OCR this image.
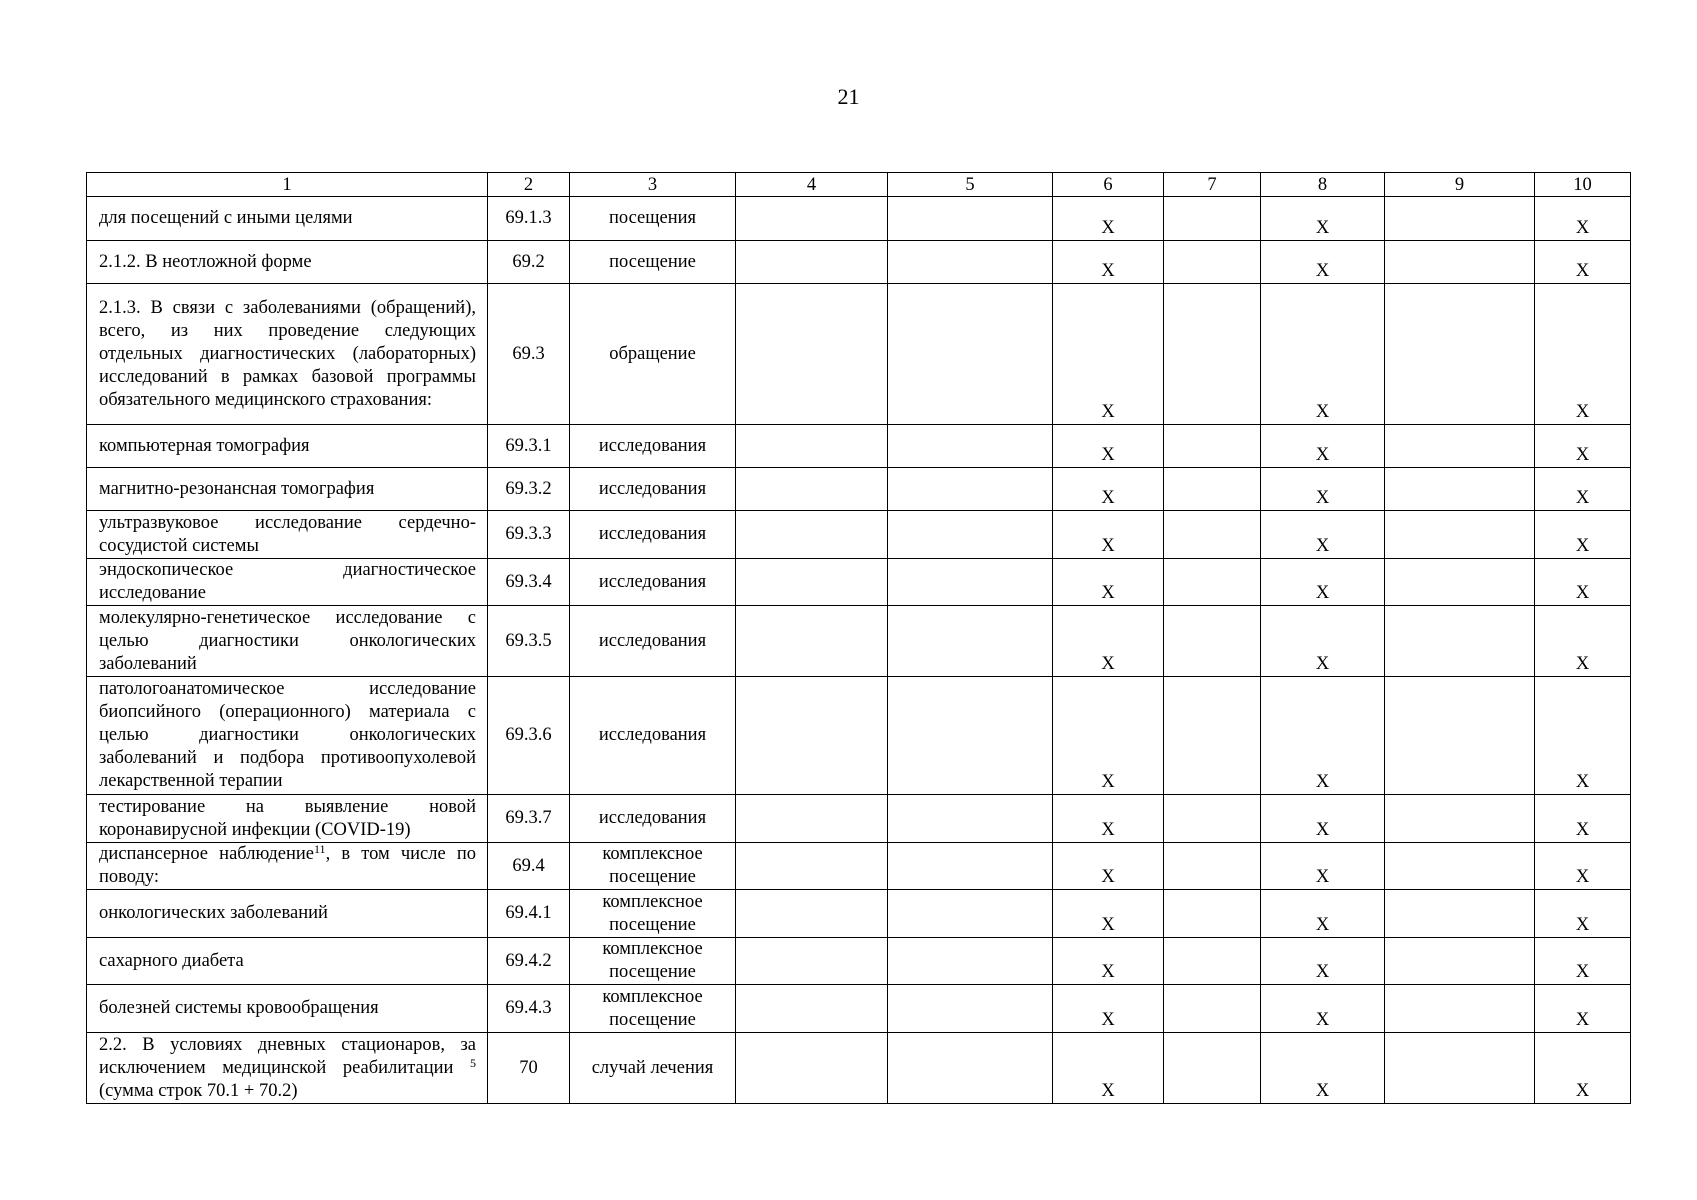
21
1	2	3	4	5	6	7	8	9	10
для посещений с иными целями	69.1.3	посещения			Х		Х		Х
2.1.2. В неотложной форме	69.2	посещение			Х		Х		Х
2.1.3. В связи с заболеваниями (обращений), всего, из них проведение следующих отдельных диагностических (лабораторных) исследований в рамках базовой программы обязательного медицинского страхования:	69.3	обращение			Х		Х		Х
компьютерная томография	69.3.1	исследования			Х		Х		Х
магнитно-резонансная томография	69.3.2	исследования			Х		Х		Х
ультразвуковое исследование сердечно-сосудистой системы	69.3.3	исследования			Х		Х		Х
эндоскопическое диагностическое исследование	69.3.4	исследования			Х		Х		Х
молекулярно-генетическое исследование с целью диагностики онкологических заболеваний	69.3.5	исследования			Х		Х		Х
патологоанатомическое исследование биопсийного (операционного) материала с целью диагностики онкологических заболеваний и подбора противоопухолевой лекарственной терапии	69.3.6	исследования			Х		Х		Х
тестирование на выявление новой коронавирусной инфекции (COVID-19)	69.3.7	исследования			Х		Х		Х
диспансерное наблюдение$^{11}$, в том числе по поводу:	69.4	комплексное посещение			Х		Х		Х
онкологических заболеваний	69.4.1	комплексное посещение			Х		Х		Х
сахарного диабета	69.4.2	комплексное посещение			Х		Х		Х
болезней системы кровообращения	69.4.3	комплексное посещение			Х		Х		Х
2.2. В условиях дневных стационаров, за исключением медицинской реабилитации $^5$ (сумма строк 70.1 + 70.2)	70	случай лечения			Х		Х		Х
